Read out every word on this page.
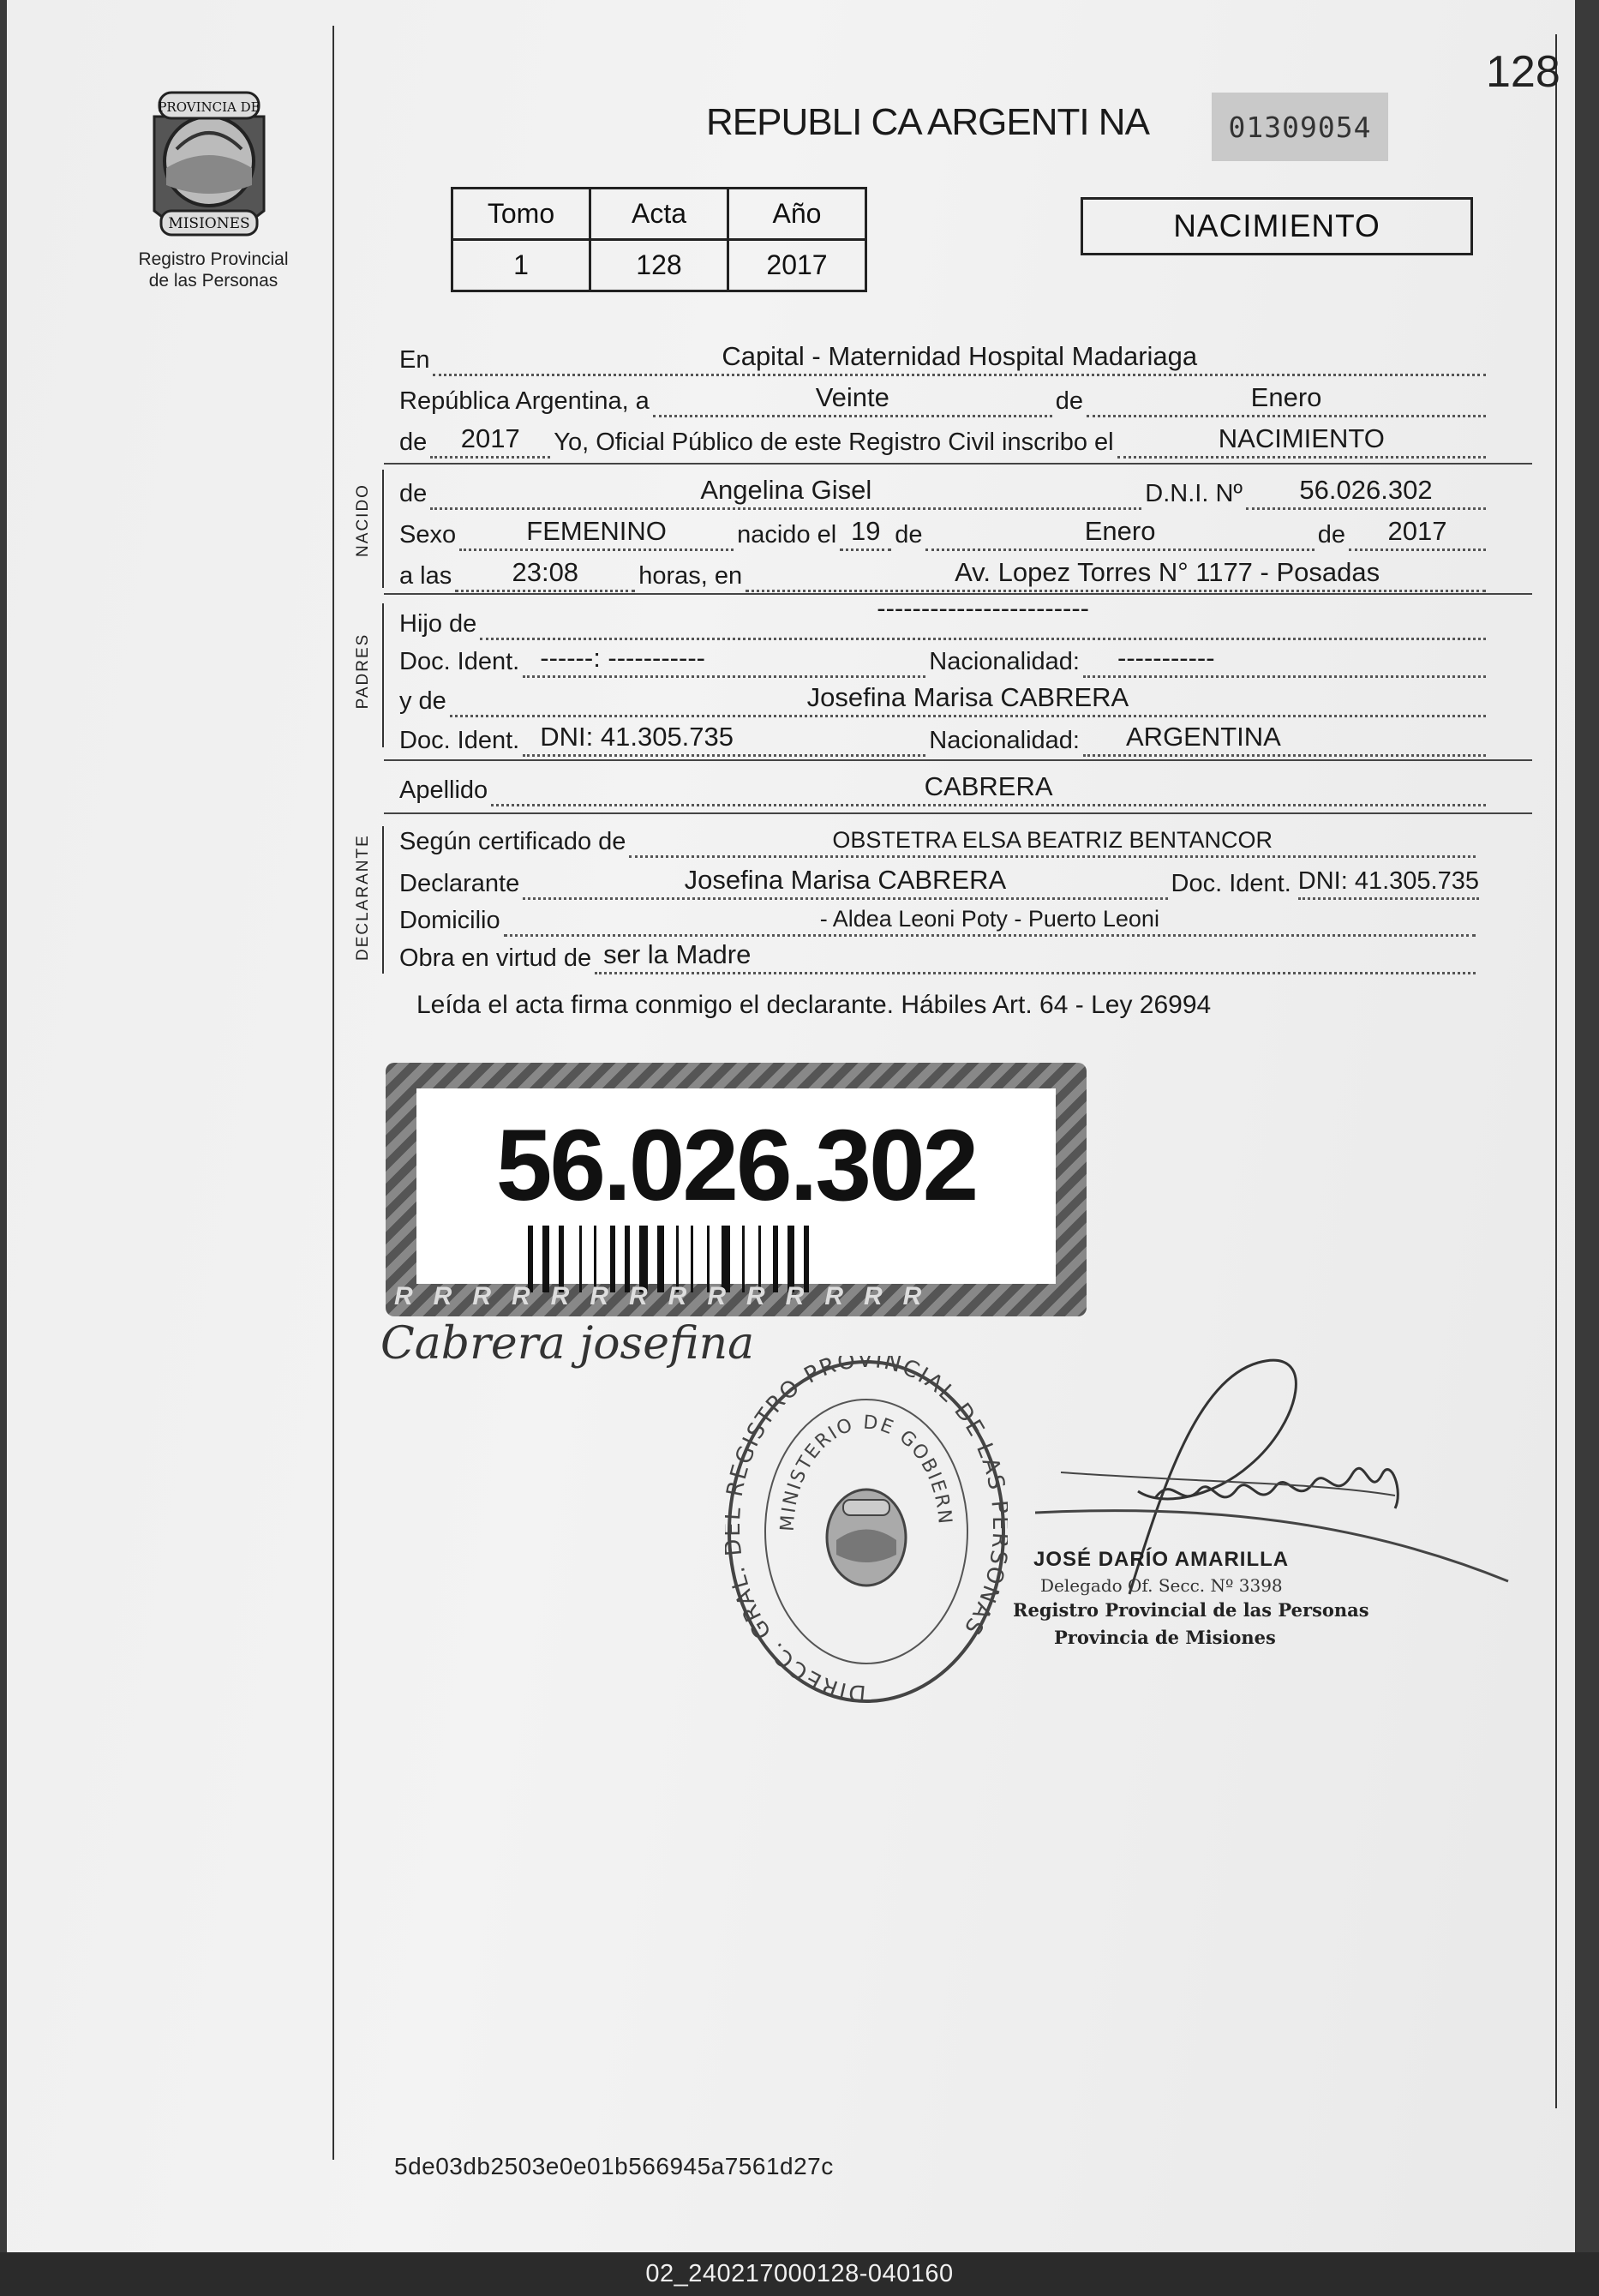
128
PROVINCIA DE
MISIONES
Registro Provincial
de las Personas
REPUBLI CA ARGENTI NA	01309054
Tomo	Acta	Año
1	128	2017
NACIMIENTO
En	Capital - Maternidad Hospital Madariaga
República Argentina, a	Veinte	de	Enero
de	2017	Yo, Oficial Público de este Registro Civil inscribo el	NACIMIENTO
NACIDO de	Angelina Gisel	D.N.I. Nº	56.026.302
Sexo	FEMENINO	nacido el 19 de	Enero	de	2017
a las	23:08	horas, en	Av. Lopez Torres N° 1177 - Posadas
PADRES
Hijo de
------------------------
Doc. Ident. ------: -----------	Nacionalidad:	-----------
y de	Josefina Marisa CABRERA
Doc. Ident. DNI: 41.305.735	Nacionalidad:	ARGENTINA
Apellido	CABRERA
DECLARANTE Según certificado de	OBSTETRA ELSA BEATRIZ BENTANCOR
Declarante	Josefina Marisa CABRERA	Doc. Ident. DNI: 41.305.735
Domicilio	- Aldea Leoni Poty - Puerto Leoni
Obra en virtud de ser la Madre
Leída el acta firma conmigo el declarante. Hábiles Art. 64 - Ley 26994
56.026.302
RRRRRRRRRRRRRR
Cabrera josefina
DIRECC. GRAL. EGISTRO PROVINCIAL DE LAS ONAS
MINISTERIO DE GOBIERN
JOSÉ DARÍO AMARILLA
Delegado Of. Secc. Nº 3398
Registro Provincial de las Personas
Provincia de Misiones
5de03db2503e0e01b566945a7561d27c
02_240217000128-040160
